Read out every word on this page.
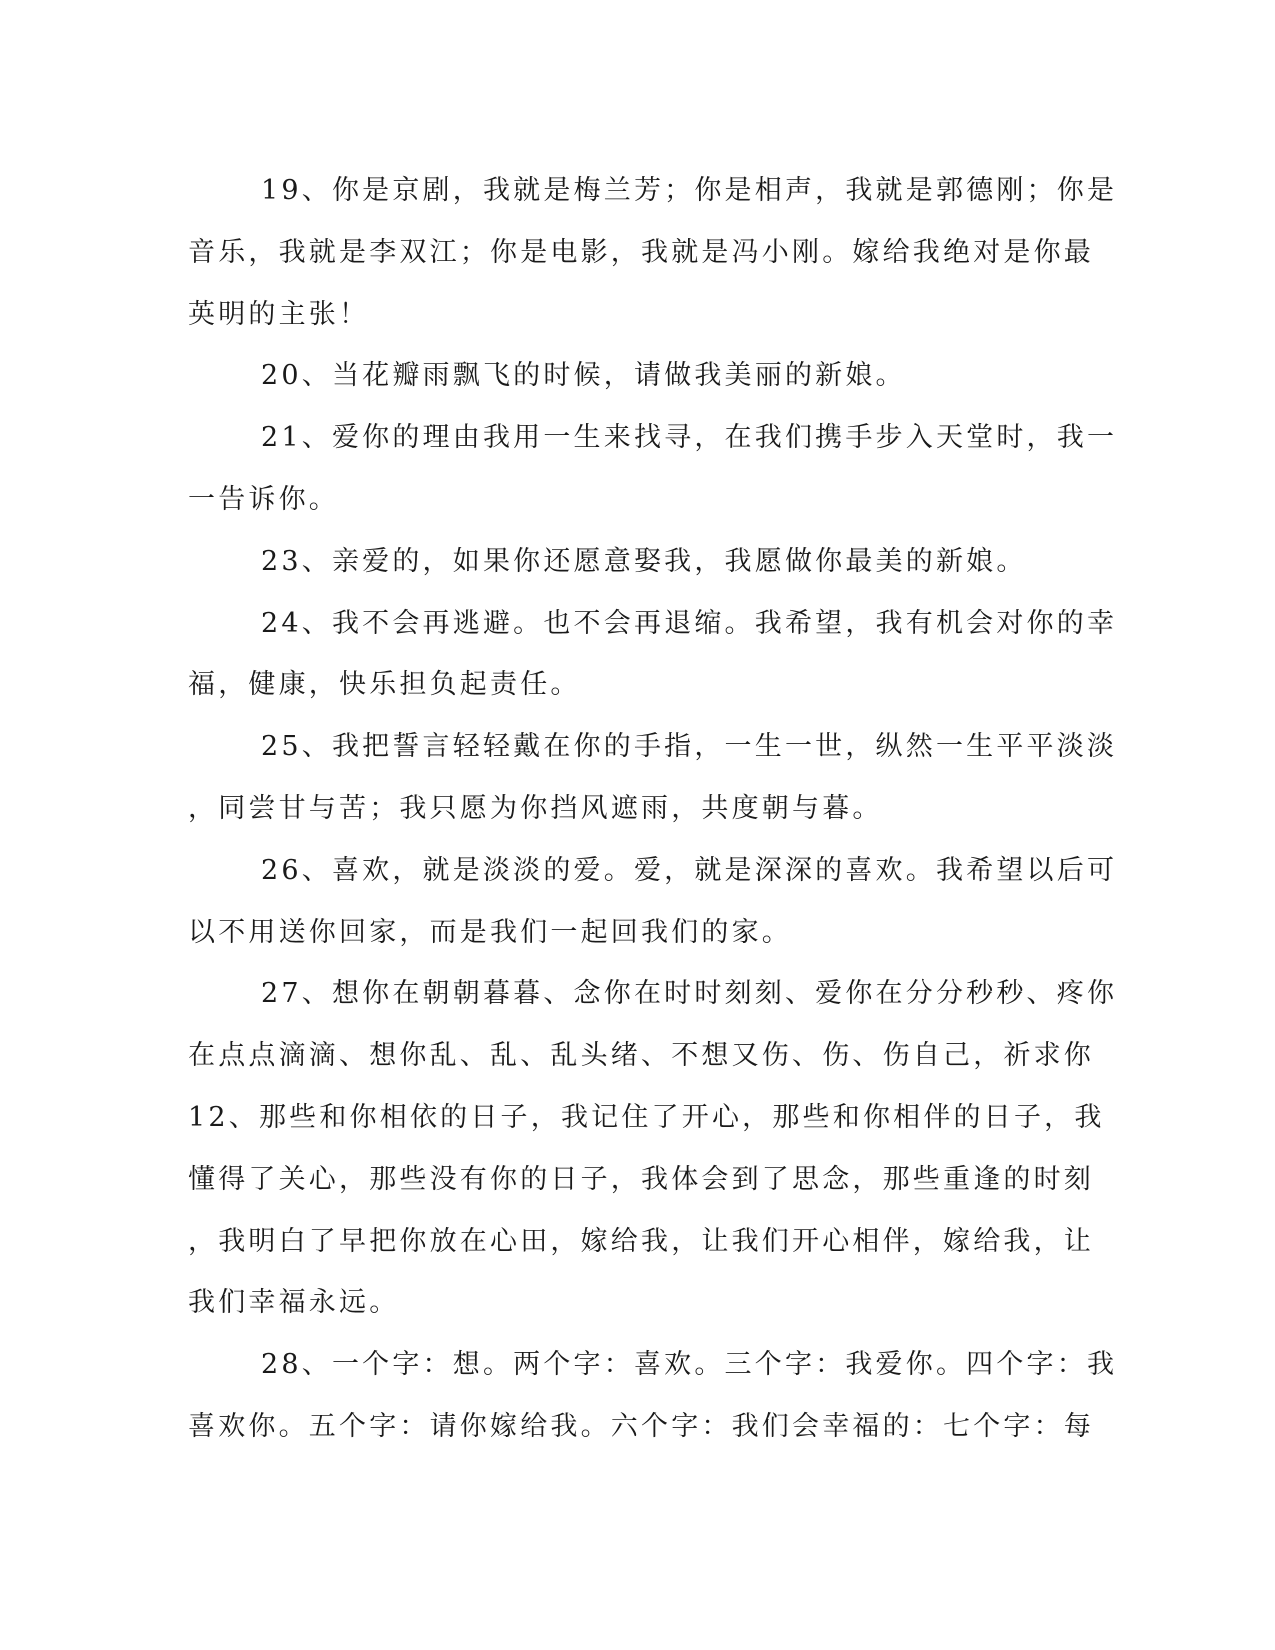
19、你是京剧，我就是梅兰芳；你是相声，我就是郭德刚；你是
音乐，我就是李双江；你是电影，我就是冯小刚。嫁给我绝对是你最
英明的主张！
20、当花瓣雨飘飞的时候，请做我美丽的新娘。
21、爱你的理由我用一生来找寻，在我们携手步入天堂时，我一
一告诉你。
23、亲爱的，如果你还愿意娶我，我愿做你最美的新娘。
24、我不会再逃避。也不会再退缩。我希望，我有机会对你的幸
福，健康，快乐担负起责任。
25、我把誓言轻轻戴在你的手指，一生一世，纵然一生平平淡淡
，同尝甘与苦；我只愿为你挡风遮雨，共度朝与暮。
26、喜欢，就是淡淡的爱。爱，就是深深的喜欢。我希望以后可
以不用送你回家，而是我们一起回我们的家。
27、想你在朝朝暮暮、念你在时时刻刻、爱你在分分秒秒、疼你
在点点滴滴、想你乱、乱、乱头绪、不想又伤、伤、伤自己，祈求你
12、那些和你相依的日子，我记住了开心，那些和你相伴的日子，我
懂得了关心，那些没有你的日子，我体会到了思念，那些重逢的时刻
，我明白了早把你放在心田，嫁给我，让我们开心相伴，嫁给我，让
我们幸福永远。
28、一个字：想。两个字：喜欢。三个字：我爱你。四个字：我
喜欢你。五个字：请你嫁给我。六个字：我们会幸福的：七个字：每
